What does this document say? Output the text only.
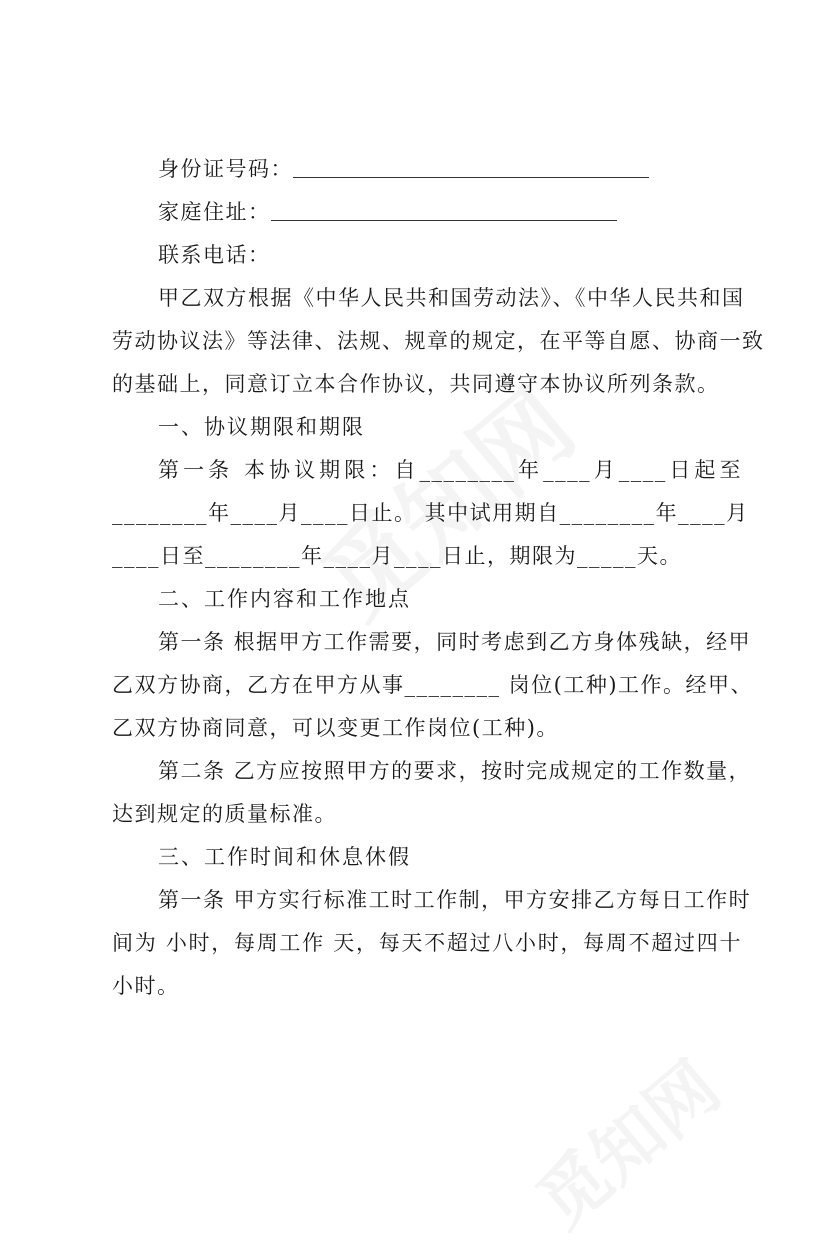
身份证号码：
家庭住址：
联系电话：
甲乙双方根据《中华人民共和国劳动法》、《中华人民共和国
劳动协议法》等法律、法规、规章的规定，在平等自愿、协商一致
的基础上，同意订立本合作协议，共同遵守本协议所列条款。
一、协议期限和期限
第一条 本协议期限：自________年____月____日起至
________年____月____日止。 其中试用期自________年____月
____日至________年____月____日止，期限为_____天。
二、工作内容和工作地点
第一条 根据甲方工作需要，同时考虑到乙方身体残缺，经甲
乙双方协商，乙方在甲方从事________ 岗位(工种)工作。经甲、
乙双方协商同意，可以变更工作岗位(工种)。
第二条 乙方应按照甲方的要求，按时完成规定的工作数量，
达到规定的质量标准。
三、工作时间和休息休假
第一条 甲方实行标准工时工作制，甲方安排乙方每日工作时
间为 小时，每周工作 天，每天不超过八小时，每周不超过四十
小时。
